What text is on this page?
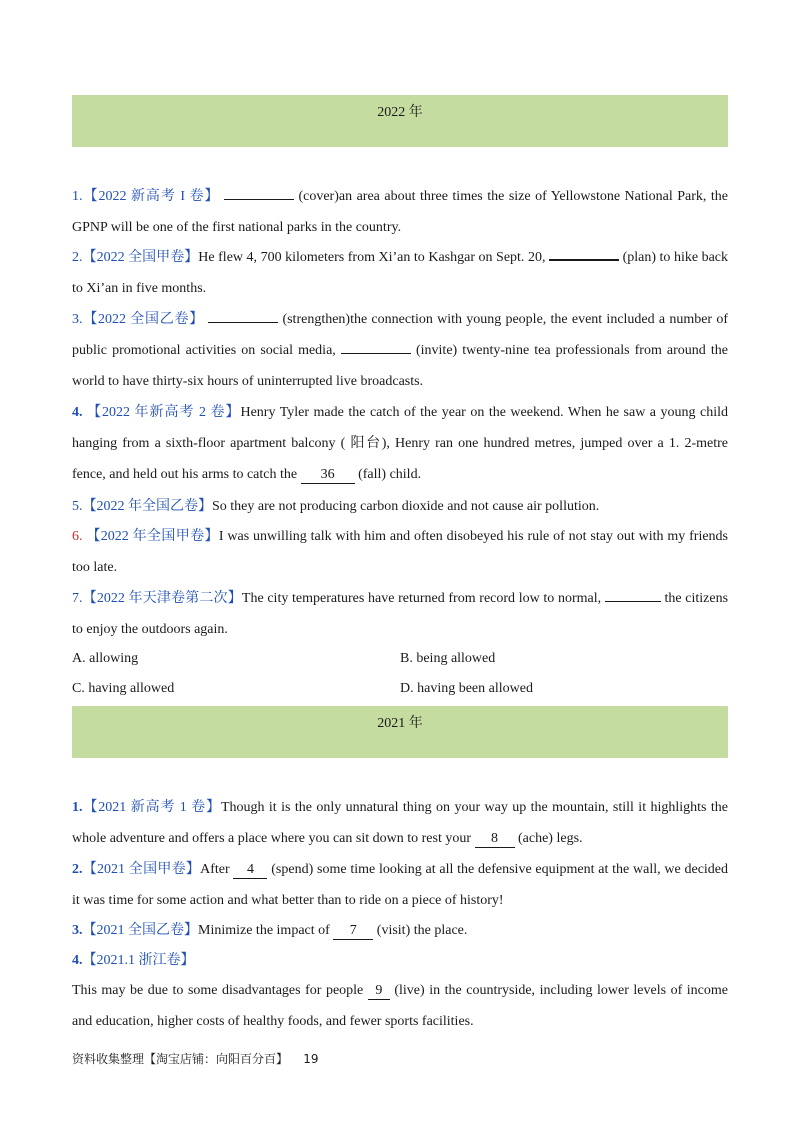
2022 年
1.【2022 新高考 I 卷】	(cover)an area about three times the size of Yellowstone National Park, the GPNP will be one of the first national parks in the country.
2.【2022 全国甲卷】He flew 4, 700 kilometers from Xi’an to Kashgar on Sept. 20,	(plan) to hike back to Xi’an in five months.
3.【2022 全国乙卷】	(strengthen)the connection with young people, the event included a number of public promotional activities on social media,	(invite) twenty-nine tea professionals from around the world to have thirty-six hours of uninterrupted live broadcasts.
4. 【2022 年新高考 2 卷】Henry Tyler made the catch of the year on the weekend. When he saw a young child hanging from a sixth-floor apartment balcony ( 阳台), Henry ran one hundred metres, jumped over a 1. 2-metre fence, and held out his arms to catch the 36 (fall) child.
5.【2022 年全国乙卷】So they are not producing carbon dioxide and not cause air pollution.
6. 【2022 年全国甲卷】I was unwilling talk with him and often disobeyed his rule of not stay out with my friends too late.
7.【2022 年天津卷第二次】The city temperatures have returned from record low to normal,	the citizens to enjoy the outdoors again.
A. allowing	B. being allowed
C. having allowed	D. having been allowed
2021 年
1.【2021 新高考 1 卷】Though it is the only unnatural thing on your way up the mountain, still it highlights the whole adventure and offers a place where you can sit down to rest your 8 (ache) legs.
2.【2021 全国甲卷】After 4 (spend) some time looking at all the defensive equipment at the wall, we decided it was time for some action and what better than to ride on a piece of history!
3.【2021 全国乙卷】Minimize the impact of 7 (visit) the place.
4.【2021.1 浙江卷】
This may be due to some disadvantages for people 9 (live) in the countryside, including lower levels of income and education, higher costs of healthy foods, and fewer sports facilities.
资料收集整理【淘宝店铺：向阳百分百】 19
